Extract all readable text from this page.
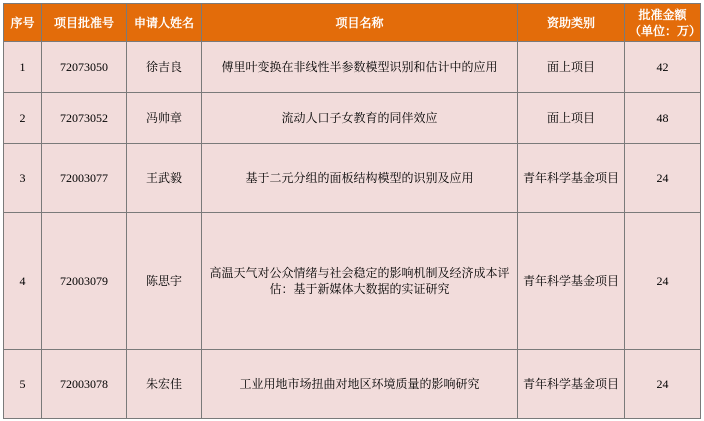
序号	项目批准号	申请人姓名	项目名称	资助类别	批准金额
（单位：万）

1	72073050	徐吉良	傅里叶变换在非线性半参数模型识别和估计中的应用	面上项目	42
2	72073052	冯帅章	流动人口子女教育的同伴效应	面上项目	48
3	72003077	王武毅	基于二元分组的面板结构模型的识别及应用	青年科学基金项目	24
4	72003079	陈思宇	高温天气对公众情绪与社会稳定的影响机制及经济成本评估：基于新媒体大数据的实证研究	青年科学基金项目	24
5	72003078	朱宏佳	工业用地市场扭曲对地区环境质量的影响研究	青年科学基金项目	24
